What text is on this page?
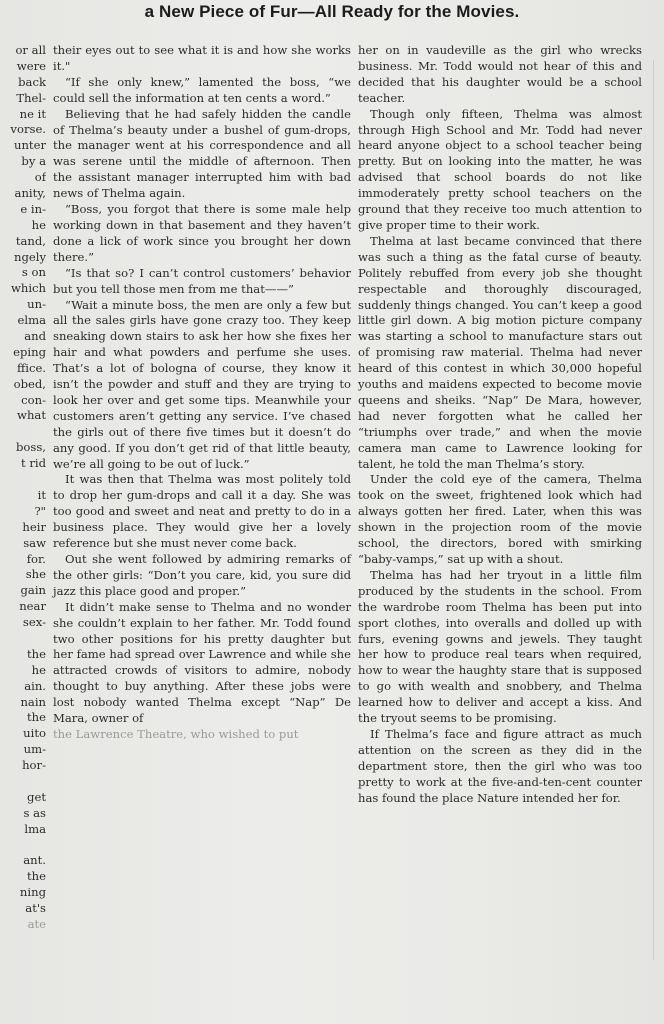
a New Piece of Fur—All Ready for the Movies.
or all
were
back
Thel-
ne it
vorse.
unter
by a
of
anity,
e in-
he
tand,
ngely
s on
which
un-
elma
and
eping
ffice.
obed,
con-
what

boss,
t rid

it
?"
heir
saw
for.
she
gain
near
sex-

the
he
ain.
nain
the
uito
um-
hor-

get
s as
lma

ant.
the
ning
at's
ate

their eyes out to see what it is and how she works it."

“If she only knew,” lamented the boss, “we could sell the information at ten cents a word.”

Believing that he had safely hidden the candle of Thelma’s beauty under a bushel of gum-drops, the manager went at his correspondence and all was serene until the middle of afternoon. Then the assistant manager interrupted him with bad news of Thelma again.

“Boss, you forgot that there is some male help working down in that basement and they haven’t done a lick of work since you brought her down there.”

“Is that so? I can’t control customers’ behavior but you tell those men from me that——”

“Wait a minute boss, the men are only a few but all the sales girls have gone crazy too. They keep sneaking down stairs to ask her how she fixes her hair and what powders and perfume she uses. That’s a lot of bologna of course, they know it isn’t the powder and stuff and they are trying to look her over and get some tips. Meanwhile your customers aren’t getting any service. I’ve chased the girls out of there five times but it doesn’t do any good. If you don’t get rid of that little beauty, we’re all going to be out of luck.”

It was then that Thelma was most politely told to drop her gum-drops and call it a day. She was too good and sweet and neat and pretty to do in a business place. They would give her a lovely reference but she must never come back.

Out she went followed by admiring remarks of the other girls: “Don’t you care, kid, you sure did jazz this place good and proper.”

It didn’t make sense to Thelma and no wonder she couldn’t explain to her father. Mr. Todd found two other positions for his pretty daughter but her fame had spread over Lawrence and while she attracted crowds of visitors to admire, nobody thought to buy anything. After these jobs were lost nobody wanted Thelma except “Nap” De Mara, owner of

the Lawrence Theatre, who wished to put

her on in vaudeville as the girl who wrecks business. Mr. Todd would not hear of this and decided that his daughter would be a school teacher.

Though only fifteen, Thelma was almost through High School and Mr. Todd had never heard anyone object to a school teacher being pretty. But on looking into the matter, he was advised that school boards do not like immoderately pretty school teachers on the ground that they receive too much attention to give proper time to their work.

Thelma at last became convinced that there was such a thing as the fatal curse of beauty. Politely rebuffed from every job she thought respectable and thoroughly discouraged, suddenly things changed. You can’t keep a good little girl down. A big motion picture company was starting a school to manufacture stars out of promising raw material. Thelma had never heard of this contest in which 30,000 hopeful youths and maidens expected to become movie queens and sheiks. “Nap” De Mara, however, had never forgotten what he called her “triumphs over trade,” and when the movie camera man came to Lawrence looking for talent, he told the man Thelma’s story.

Under the cold eye of the camera, Thelma took on the sweet, frightened look which had always gotten her fired. Later, when this was shown in the projection room of the movie school, the directors, bored with smirking “baby-vamps,” sat up with a shout.

Thelma has had her tryout in a little film produced by the students in the school. From the wardrobe room Thelma has been put into sport clothes, into overalls and dolled up with furs, evening gowns and jewels. They taught her how to produce real tears when required, how to wear the haughty stare that is supposed to go with wealth and snobbery, and Thelma learned how to deliver and accept a kiss. And the tryout seems to be promising.

If Thelma’s face and figure attract as much attention on the screen as they did in the department store, then the girl who was too pretty to work at the five-and-ten-cent counter has found the place Nature intended her for.
